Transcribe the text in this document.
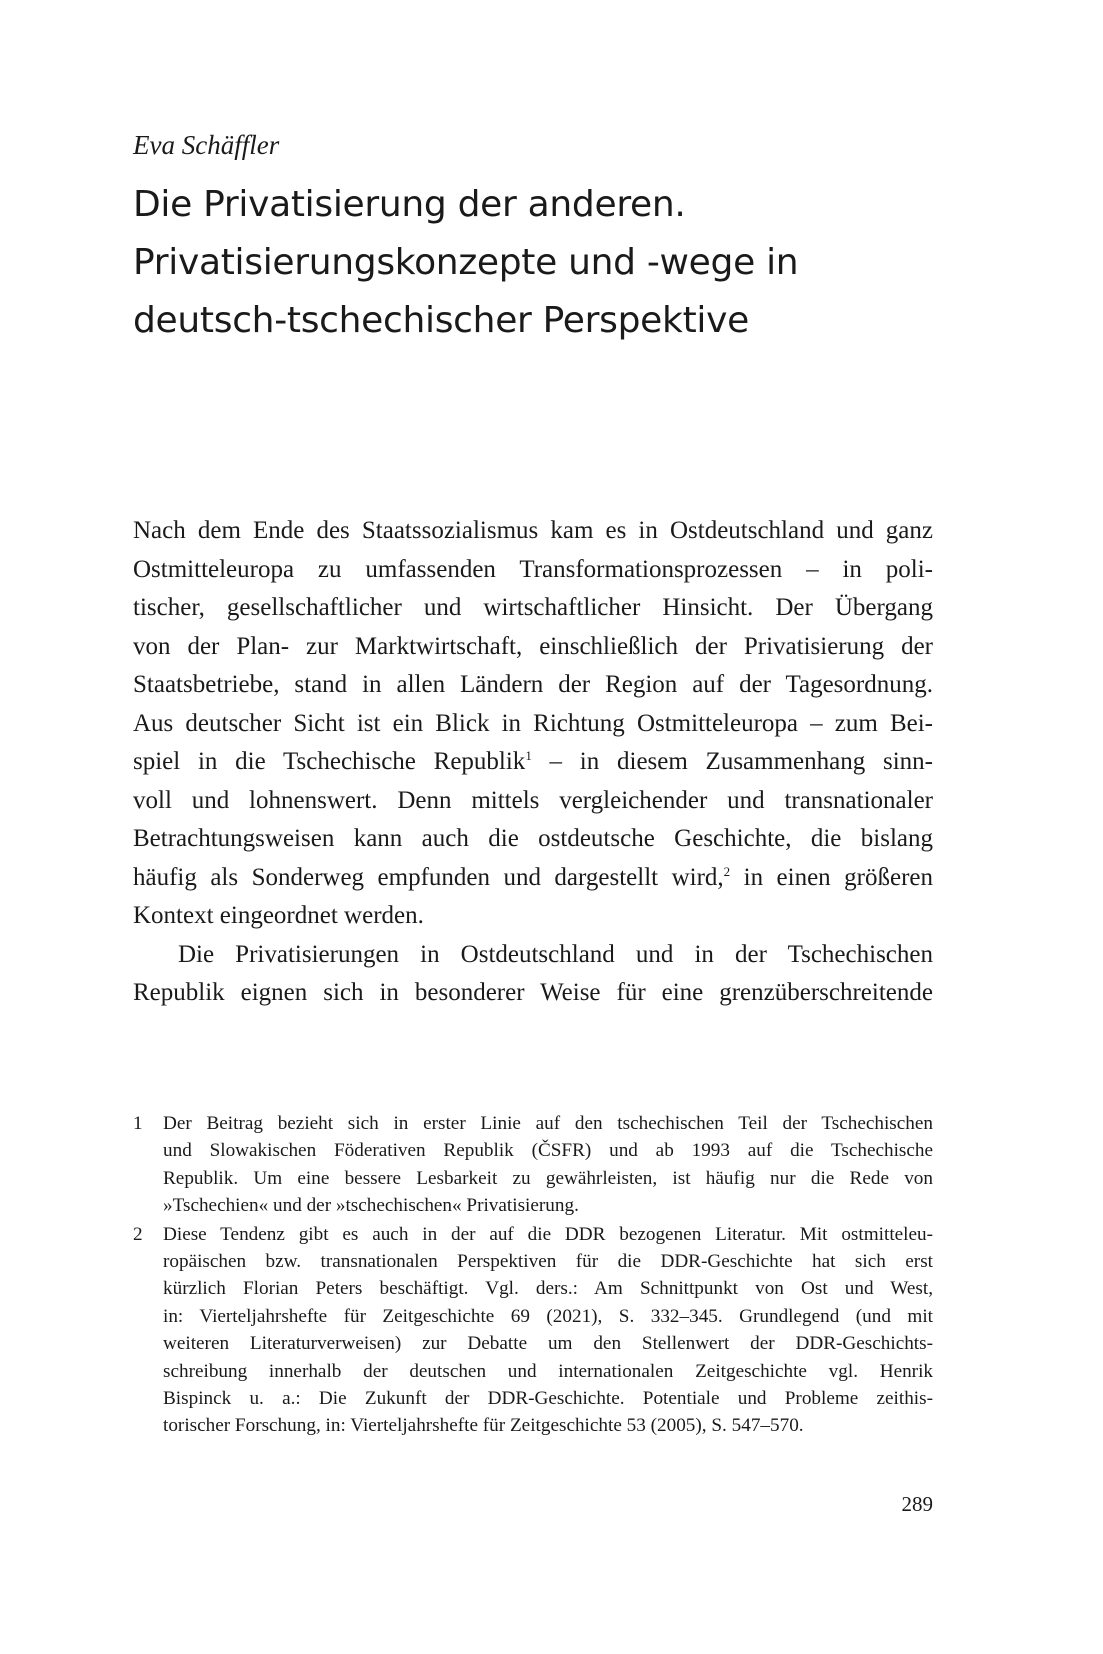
Eva Schäffler

Die Privatisierung der anderen.
Privatisierungskonzepte und -wege in
deutsch-tschechischer Perspektive
Nach dem Ende des Staatssozialismus kam es in Ostdeutschland und ganz
Ostmitteleuropa zu umfassenden Transformationsprozessen – in poli-
tischer, gesellschaftlicher und wirtschaftlicher Hinsicht. Der Übergang
von der Plan- zur Marktwirtschaft, einschließlich der Privatisierung der
Staatsbetriebe, stand in allen Ländern der Region auf der Tagesordnung.
Aus deutscher Sicht ist ein Blick in Richtung Ostmitteleuropa – zum Bei-
spiel in die Tschechische Republik$^1$ – in diesem Zusammenhang sinn-
voll und lohnenswert. Denn mittels vergleichender und transnationaler
Betrachtungsweisen kann auch die ostdeutsche Geschichte, die bislang
häufig als Sonderweg empfunden und dargestellt wird,$^2$ in einen größeren
Kontext eingeordnet werden.
Die Privatisierungen in Ostdeutschland und in der Tschechischen
Republik eignen sich in besonderer Weise für eine grenzüberschreitende
1 Der Beitrag bezieht sich in erster Linie auf den tschechischen Teil der Tschechischen
und Slowakischen Föderativen Republik (ČSFR) und ab 1993 auf die Tschechische
Republik. Um eine bessere Lesbarkeit zu gewährleisten, ist häufig nur die Rede von
»Tschechien« und der »tschechischen« Privatisierung.
2 Diese Tendenz gibt es auch in der auf die DDR bezogenen Literatur. Mit ostmitteleu-
ropäischen bzw. transnationalen Perspektiven für die DDR-Geschichte hat sich erst
kürzlich Florian Peters beschäftigt. Vgl. ders.: Am Schnittpunkt von Ost und West,
in: Vierteljahrshefte für Zeitgeschichte 69 (2021), S. 332–345. Grundlegend (und mit
weiteren Literaturverweisen) zur Debatte um den Stellenwert der DDR-Geschichts-
schreibung innerhalb der deutschen und internationalen Zeitgeschichte vgl. Henrik
Bispinck u. a.: Die Zukunft der DDR-Geschichte. Potentiale und Probleme zeithis-
torischer Forschung, in: Vierteljahrshefte für Zeitgeschichte 53 (2005), S. 547–570.
289
